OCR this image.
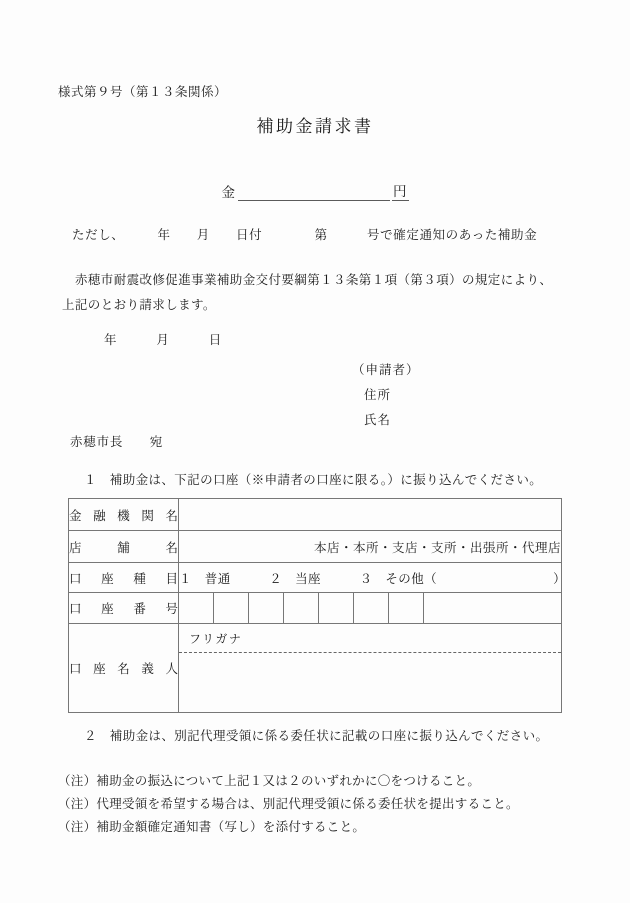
様式第９号（第１３条関係）
補助金請求書
金	円
ただし、　　　年　　月　　日付　　　　第　　　号で確定通知のあった補助金
赤穂市耐震改修促進事業補助金交付要綱第１３条第１項（第３項）の規定により、上記のとおり請求します。
年　　　月　　　日
（申請者）
住所
氏名
赤穂市長　　宛
１　補助金は、下記の口座（※申請者の口座に限る。）に振り込んでください。
金融機関名	
店舗名	本店・本所・支店・支所・出張所・代理店
口座種目	１　普通　　　２　当座　　　３　その他（　　　　　　　　　）
口座番号	

口座名義人	フリガナ
２　補助金は、別記代理受領に係る委任状に記載の口座に振り込んでください。
（注）補助金の振込について上記１又は２のいずれかに〇をつけること。
（注）代理受領を希望する場合は、別記代理受領に係る委任状を提出すること。
（注）補助金額確定通知書（写し）を添付すること。
